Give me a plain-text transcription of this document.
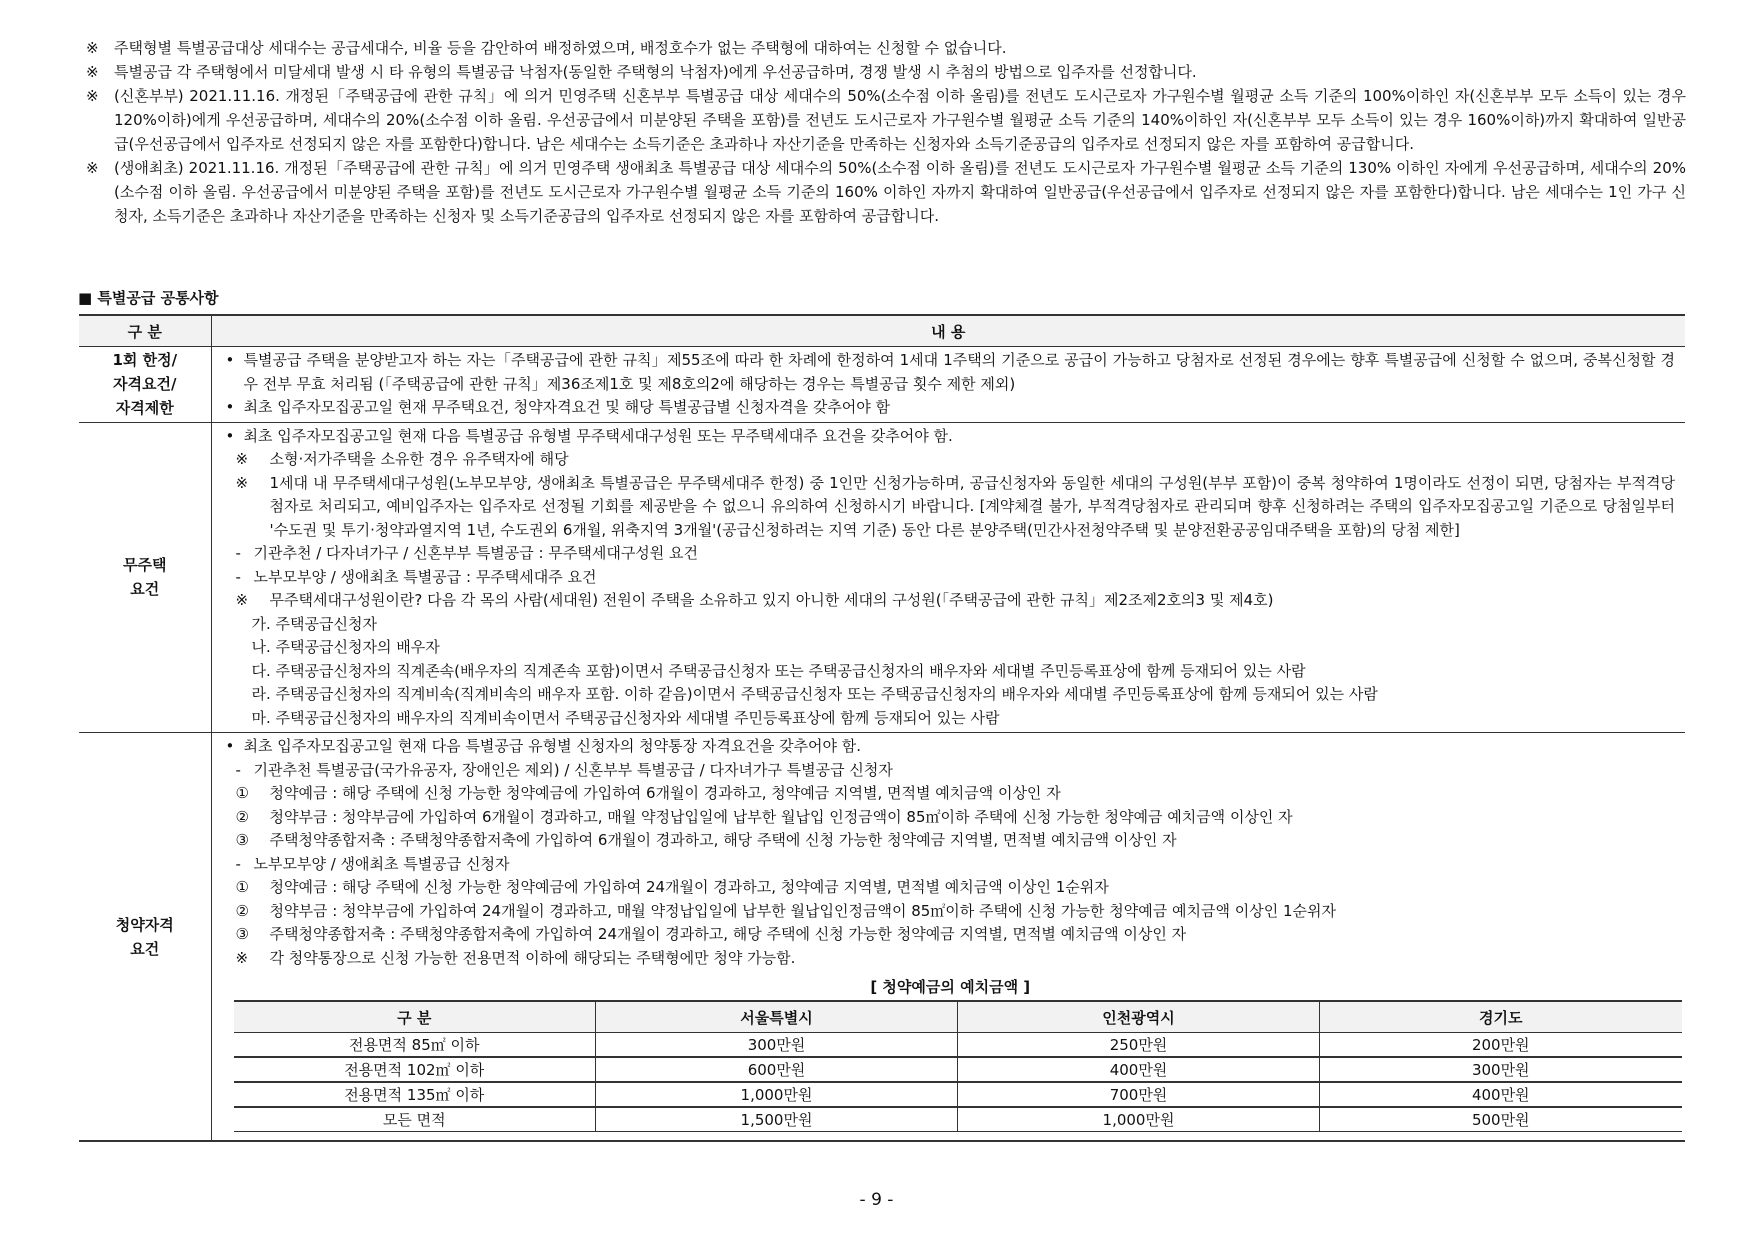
※ 주택형별 특별공급대상 세대수는 공급세대수, 비율 등을 감안하여 배정하였으며, 배정호수가 없는 주택형에 대하여는 신청할 수 없습니다.
※ 특별공급 각 주택형에서 미달세대 발생 시 타 유형의 특별공급 낙첨자(동일한 주택형의 낙첨자)에게 우선공급하며, 경쟁 발생 시 추첨의 방법으로 입주자를 선정합니다.
※ (신혼부부) 2021.11.16. 개정된「주택공급에 관한 규칙」에 의거 민영주택 신혼부부 특별공급 대상 세대수의 50%(소수점 이하 올림)를 전년도 도시근로자 가구원수별 월평균 소득 기준의 100%이하인 자(신혼부부 모두 소득이 있는 경우 120%이하)에게 우선공급하며, 세대수의 20%(소수점 이하 올림. 우선공급에서 미분양된 주택을 포함)를 전년도 도시근로자 가구원수별 월평균 소득 기준의 140%이하인 자(신혼부부 모두 소득이 있는 경우 160%이하)까지 확대하여 일반공급(우선공급에서 입주자로 선정되지 않은 자를 포함한다)합니다. 남은 세대수는 소득기준은 초과하나 자산기준을 만족하는 신청자와 소득기준공급의 입주자로 선정되지 않은 자를 포함하여 공급합니다.
※ (생애최초) 2021.11.16. 개정된「주택공급에 관한 규칙」에 의거 민영주택 생애최초 특별공급 대상 세대수의 50%(소수점 이하 올림)를 전년도 도시근로자 가구원수별 월평균 소득 기준의 130% 이하인 자에게 우선공급하며, 세대수의 20%(소수점 이하 올림. 우선공급에서 미분양된 주택을 포함)를 전년도 도시근로자 가구원수별 월평균 소득 기준의 160% 이하인 자까지 확대하여 일반공급(우선공급에서 입주자로 선정되지 않은 자를 포함한다)합니다. 남은 세대수는 1인 가구 신청자, 소득기준은 초과하나 자산기준을 만족하는 신청자 및 소득기준공급의 입주자로 선정되지 않은 자를 포함하여 공급합니다.
■ 특별공급 공통사항
구 분	내 용
1회 한정/
자격요건/
자격제한	
• 특별공급 주택을 분양받고자 하는 자는「주택공급에 관한 규칙」제55조에 따라 한 차례에 한정하여 1세대 1주택의 기준으로 공급이 가능하고 당첨자로 선정된 경우에는 향후 특별공급에 신청할 수 없으며, 중복신청할 경우 전부 무효 처리됨 (「주택공급에 관한 규칙」제36조제1호 및 제8호의2에 해당하는 경우는 특별공급 횟수 제한 제외)
• 최초 입주자모집공고일 현재 무주택요건, 청약자격요건 및 해당 특별공급별 신청자격을 갖추어야 함

무주택
요건	
• 최초 입주자모집공고일 현재 다음 특별공급 유형별 무주택세대구성원 또는 무주택세대주 요건을 갖추어야 함.
※ 소형·저가주택을 소유한 경우 유주택자에 해당
※ 1세대 내 무주택세대구성원(노부모부양, 생애최초 특별공급은 무주택세대주 한정) 중 1인만 신청가능하며, 공급신청자와 동일한 세대의 구성원(부부 포함)이 중복 청약하여 1명이라도 선정이 되면, 당첨자는 부적격당첨자로 처리되고, 예비입주자는 입주자로 선정될 기회를 제공받을 수 없으니 유의하여 신청하시기 바랍니다. [계약체결 불가, 부적격당첨자로 관리되며 향후 신청하려는 주택의 입주자모집공고일 기준으로 당첨일부터 '수도권 및 투기·청약과열지역 1년, 수도권외 6개월, 위축지역 3개월'(공급신청하려는 지역 기준) 동안 다른 분양주택(민간사전청약주택 및 분양전환공공임대주택을 포함)의 당첨 제한]
- 기관추천 / 다자녀가구 / 신혼부부 특별공급 : 무주택세대구성원 요건
- 노부모부양 / 생애최초 특별공급 : 무주택세대주 요건
※ 무주택세대구성원이란? 다음 각 목의 사람(세대원) 전원이 주택을 소유하고 있지 아니한 세대의 구성원(「주택공급에 관한 규칙」제2조제2호의3 및 제4호)
가. 주택공급신청자
나. 주택공급신청자의 배우자
다. 주택공급신청자의 직계존속(배우자의 직계존속 포함)이면서 주택공급신청자 또는 주택공급신청자의 배우자와 세대별 주민등록표상에 함께 등재되어 있는 사람
라. 주택공급신청자의 직계비속(직계비속의 배우자 포함. 이하 같음)이면서 주택공급신청자 또는 주택공급신청자의 배우자와 세대별 주민등록표상에 함께 등재되어 있는 사람
마. 주택공급신청자의 배우자의 직계비속이면서 주택공급신청자와 세대별 주민등록표상에 함께 등재되어 있는 사람

청약자격
요건	
• 최초 입주자모집공고일 현재 다음 특별공급 유형별 신청자의 청약통장 자격요건을 갖추어야 함.
- 기관추천 특별공급(국가유공자, 장애인은 제외) / 신혼부부 특별공급 / 다자녀가구 특별공급 신청자
① 청약예금 : 해당 주택에 신청 가능한 청약예금에 가입하여 6개월이 경과하고, 청약예금 지역별, 면적별 예치금액 이상인 자
② 청약부금 : 청약부금에 가입하여 6개월이 경과하고, 매월 약정납입일에 납부한 월납입 인정금액이 85㎡이하 주택에 신청 가능한 청약예금 예치금액 이상인 자
③ 주택청약종합저축 : 주택청약종합저축에 가입하여 6개월이 경과하고, 해당 주택에 신청 가능한 청약예금 지역별, 면적별 예치금액 이상인 자
- 노부모부양 / 생애최초 특별공급 신청자
① 청약예금 : 해당 주택에 신청 가능한 청약예금에 가입하여 24개월이 경과하고, 청약예금 지역별, 면적별 예치금액 이상인 1순위자
② 청약부금 : 청약부금에 가입하여 24개월이 경과하고, 매월 약정납입일에 납부한 월납입인정금액이 85㎡이하 주택에 신청 가능한 청약예금 예치금액 이상인 1순위자
③ 주택청약종합저축 : 주택청약종합저축에 가입하여 24개월이 경과하고, 해당 주택에 신청 가능한 청약예금 지역별, 면적별 예치금액 이상인 자
※ 각 청약통장으로 신청 가능한 전용면적 이하에 해당되는 주택형에만 청약 가능함.
[ 청약예금의 예치금액 ]
구 분	서울특별시	인천광역시	경기도
전용면적 85㎡ 이하	300만원	250만원	200만원
전용면적 102㎡ 이하	600만원	400만원	300만원
전용면적 135㎡ 이하	1,000만원	700만원	400만원
모든 면적	1,500만원	1,000만원	500만원
- 9 -
